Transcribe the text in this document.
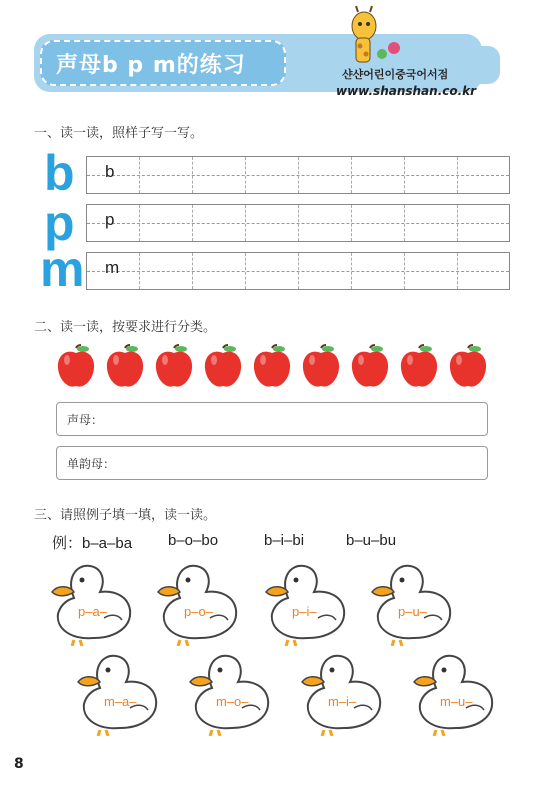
声母b p m的练习	샨샨어린이중국어서점
www.shanshan.co.kr
一、读一读，照样子写一写。
b b
p p
m m
二、读一读，按要求进行分类。
ü
声母：
单韵母：
三、请照例子填一填，读一读。
例：b–a–ba b–o–bo	b–i–bi	b–u–bu
p–a–	p–o–	p–i–	p–u–
m–a–	m–o–	m–i–	m–u–
8
